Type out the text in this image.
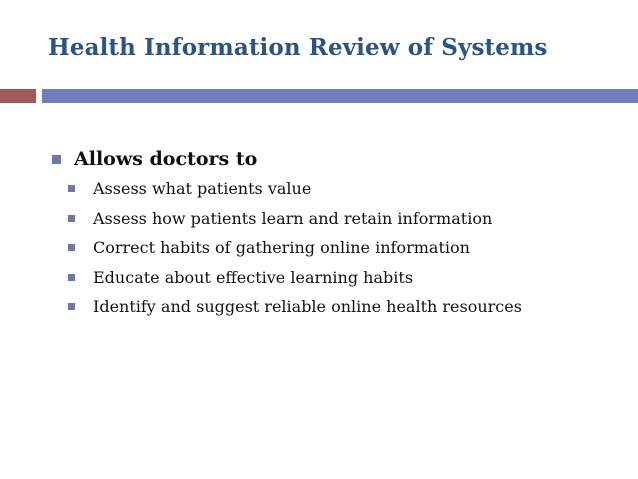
Health Information Review of Systems
Allows doctors to
Assess what patients value
Assess how patients learn and retain information
Correct habits of gathering online information
Educate about effective learning habits
Identify and suggest reliable online health resources
